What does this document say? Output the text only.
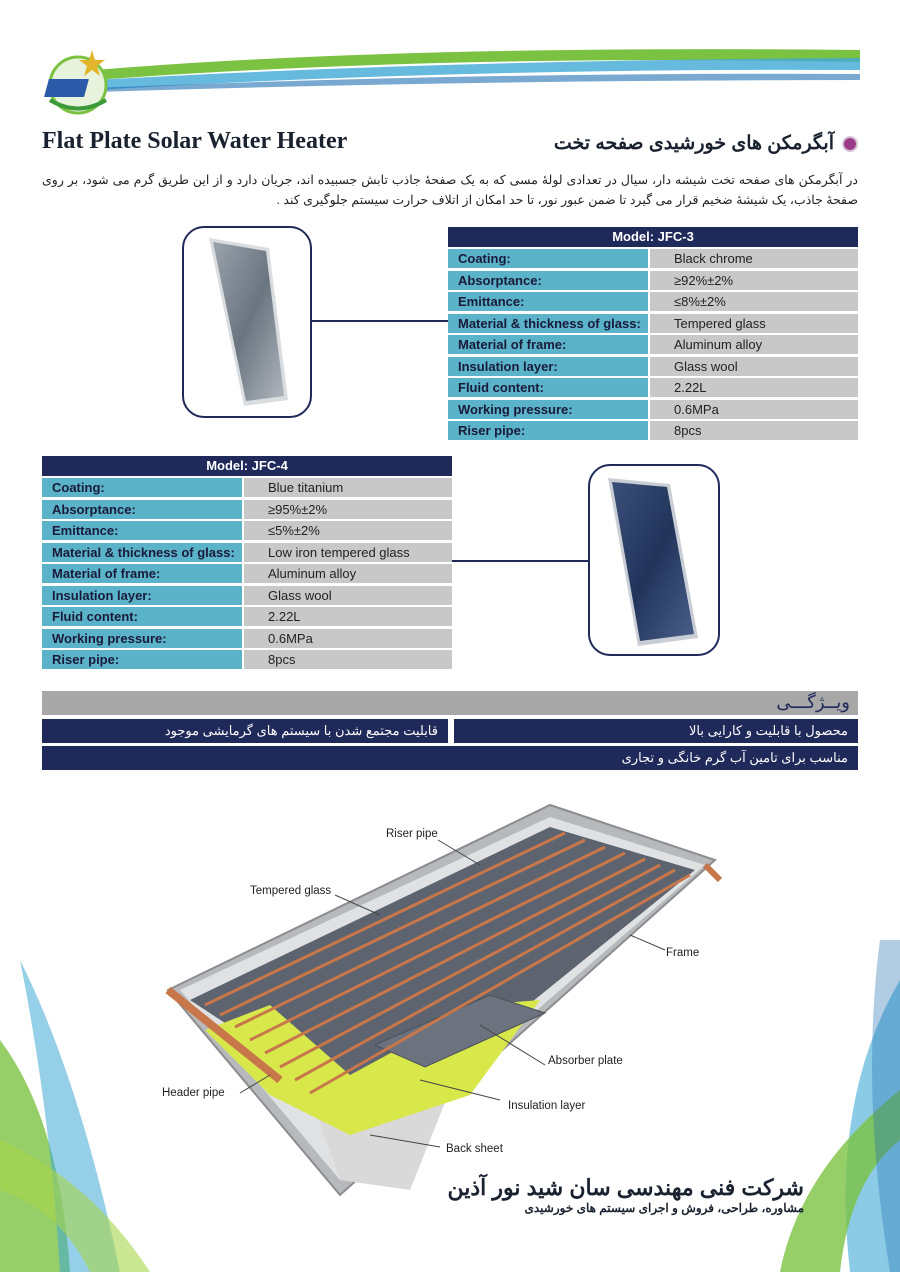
Flat Plate Solar Water Heater	آبگرمکن های خورشیدی صفحه تخت
در آبگرمکن های صفحه تخت شیشه دار، سیال در تعدادی لولۀ مسی که به یک صفحۀ جاذب تابش جسبیده اند، جریان دارد و از این طریق گرم می شود، بر روی صفحۀ جاذب، یک شیشۀ ضخیم قرار می گیرد تا ضمن عبور نور، تا حد امکان از اتلاف حرارت سیستم جلوگیری کند .
Model: JFC-3
Coating:	Black chrome
Absorptance:	≥92%±2%
Emittance:	≤8%±2%
Material & thickness of glass:	Tempered glass
Material of frame:	Aluminum alloy
Insulation layer:	Glass wool
Fluid content:	2.22L
Working pressure:	0.6MPa
Riser pipe:	8pcs
Model: JFC-4
Coating:	Blue titanium
Absorptance:	≥95%±2%
Emittance:	≤5%±2%
Material & thickness of glass:	Low iron tempered glass
Material of frame:	Aluminum alloy
Insulation layer:	Glass wool
Fluid content:	2.22L
Working pressure:	0.6MPa
Riser pipe:	8pcs
ویــژگـــی
محصول با قابلیت و کارایی بالا
قابلیت مجتمع شدن با سیستم های گرمایشی موجود
مناسب برای تامین آب گرم خانگی و تجاری
Riser pipe
Tempered glass
Frame
Absorber plate
Header pipe
Insulation layer
Back sheet
شرکت فنی مهندسی سان شید نور آذین
مشاوره، طراحی، فروش و اجرای سیستم های خورشیدی
